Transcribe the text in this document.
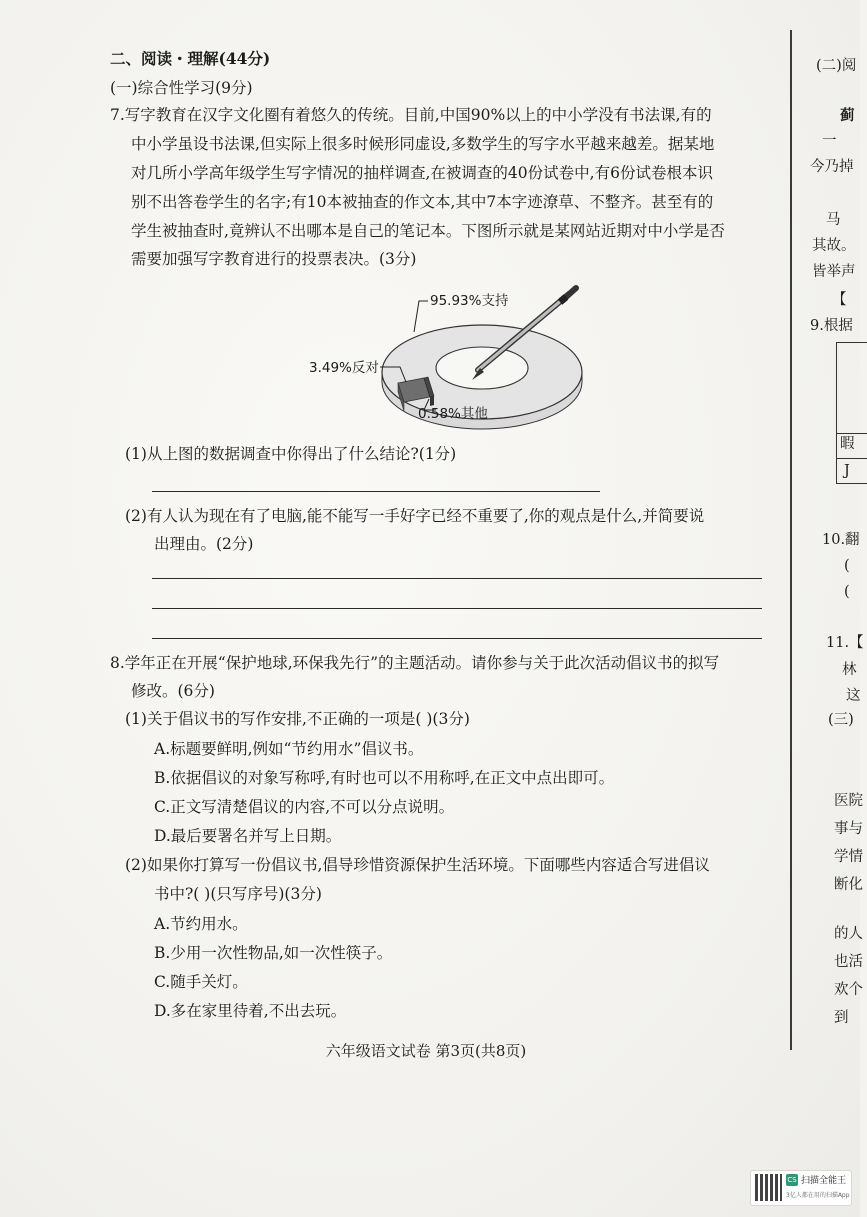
二、阅读・理解(44分)
(一)综合性学习(9分)
7.写字教育在汉字文化圈有着悠久的传统。目前,中国90%以上的中小学没有书法课,有的
中小学虽设书法课,但实际上很多时候形同虚设,多数学生的写字水平越来越差。据某地
对几所小学高年级学生写字情况的抽样调查,在被调查的40份试卷中,有6份试卷根本识
别不出答卷学生的名字;有10本被抽查的作文本,其中7本字迹潦草、不整齐。甚至有的
学生被抽查时,竟辨认不出哪本是自己的笔记本。下图所示就是某网站近期对中小学是否
需要加强写字教育进行的投票表决。(3分)
95.93%支持
3.49%反对
0.58%其他
(1)从上图的数据调查中你得出了什么结论?(1分)
(2)有人认为现在有了电脑,能不能写一手好字已经不重要了,你的观点是什么,并简要说
出理由。(2分)
8.学年正在开展“保护地球,环保我先行”的主题活动。请你参与关于此次活动倡议书的拟写
修改。(6分)
(1)关于倡议书的写作安排,不正确的一项是( )(3分)
A.标题要鲜明,例如“节约用水”倡议书。
B.依据倡议的对象写称呼,有时也可以不用称呼,在正文中点出即可。
C.正文写清楚倡议的内容,不可以分点说明。
D.最后要署名并写上日期。
(2)如果你打算写一份倡议书,倡导珍惜资源保护生活环境。下面哪些内容适合写进倡议
书中?( )(只写序号)(3分)
A.节约用水。
B.少用一次性物品,如一次性筷子。
C.随手关灯。
D.多在家里待着,不出去玩。
六年级语文试卷 第3页(共8页)
(二)阅
蓟
一
今乃掉
马
其故。
皆举声
【
9.根据
暇
J
10.翻
(
(
11.【
林
这
(三)
医院
事与
学情
断化
的人
也活
欢个
到
CS 扫描全能王
3亿人都在用的扫描App
